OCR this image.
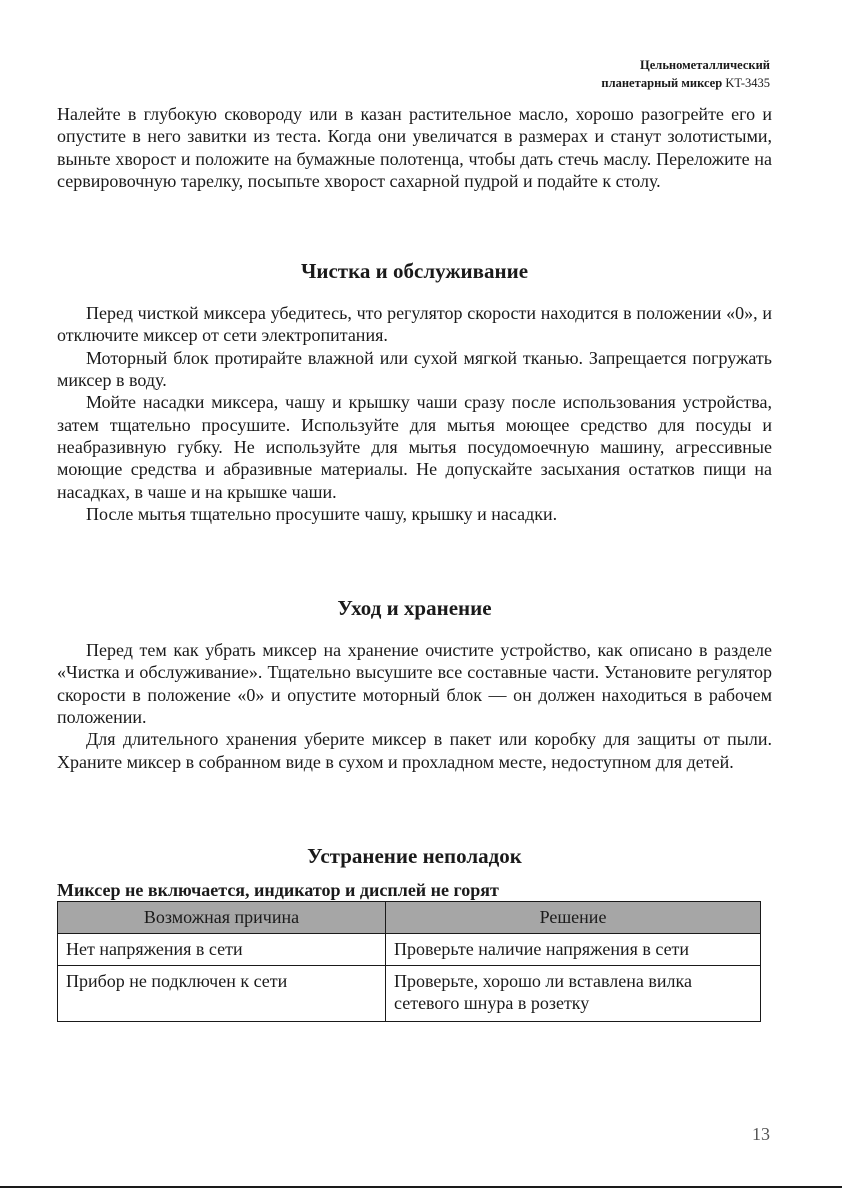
Цельнометаллический
планетарный миксер KT-3435

Налейте в глубокую сковороду или в казан растительное масло, хорошо разогрейте его и опустите в него завитки из теста. Когда они увеличатся в размерах и станут золотистыми, выньте хворост и положите на бумажные полотенца, чтобы дать стечь маслу. Переложите на сервировочную тарелку, посыпьте хворост сахарной пудрой и подайте к столу.

Чистка и обслуживание

Перед чисткой миксера убедитесь, что регулятор скорости находится в положении «0», и отключите миксер от сети электропитания.

Моторный блок протирайте влажной или сухой мягкой тканью. Запрещается погружать миксер в воду.

Мойте насадки миксера, чашу и крышку чаши сразу после использования устройства, затем тщательно просушите. Используйте для мытья моющее средство для посуды и неабразивную губку. Не используйте для мытья посудомоечную машину, агрессивные моющие средства и абразивные материалы. Не допускайте засыхания остатков пищи на насадках, в чаше и на крышке чаши.

После мытья тщательно просушите чашу, крышку и насадки.

Уход и хранение

Перед тем как убрать миксер на хранение очистите устройство, как описано в разделе «Чистка и обслуживание». Тщательно высушите все составные части. Установите регулятор скорости в положение «0» и опустите моторный блок — он должен находиться в рабочем положении.

Для длительного хранения уберите миксер в пакет или коробку для защиты от пыли. Храните миксер в собранном виде в сухом и прохладном месте, недоступном для детей.

Устранение неполадок

Миксер не включается, индикатор и дисплей не горят

Возможная причина	Решение
Нет напряжения в сети	Проверьте наличие напряжения в сети
Прибор не подключен к сети	Проверьте, хорошо ли вставлена вилка сетевого шнура в розетку
13
